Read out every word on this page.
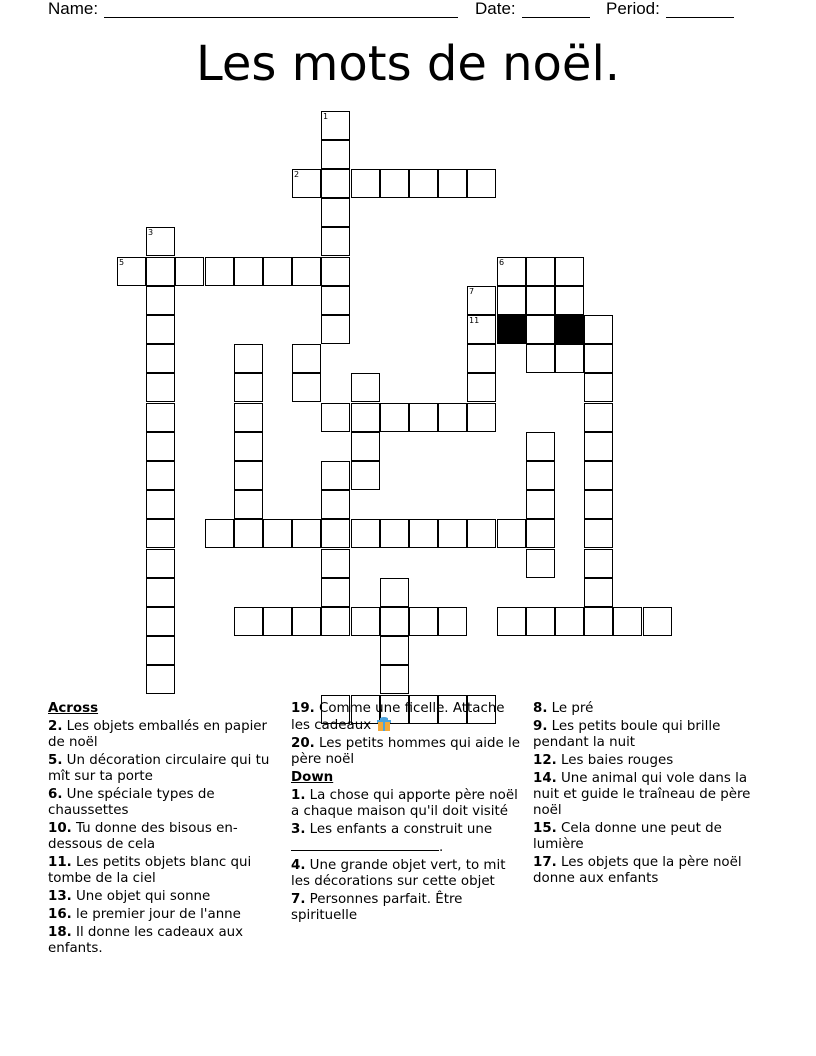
Name:	Date:	Period:
Les mots de noël.
1
2
3
5	6
7
11
Across
2. Les objets emballés en papier de noël
5. Un décoration circulaire qui tu mît sur ta porte
6. Une spéciale types de chaussettes
10. Tu donne des bisous en-dessous de cela
11. Les petits objets blanc qui tombe de la ciel
13. Une objet qui sonne
16. le premier jour de l'anne
18. Il donne les cadeaux aux enfants.
19. Comme une ficelle. Attache les cadeaux
20. Les petits hommes qui aide le père noël
Down
1. La chose qui apporte père noël a chaque maison qu'il doit visité
3. Les enfants a construit une.
4. Une grande objet vert, to mit les décorations sur cette objet
7. Personnes parfait. Être spirituelle
8. Le pré
9. Les petits boule qui brille pendant la nuit
12. Les baies rouges
14. Une animal qui vole dans la nuit et guide le traîneau de père noël
15. Cela donne une peut de lumière
17. Les objets que la père noël donne aux enfants
